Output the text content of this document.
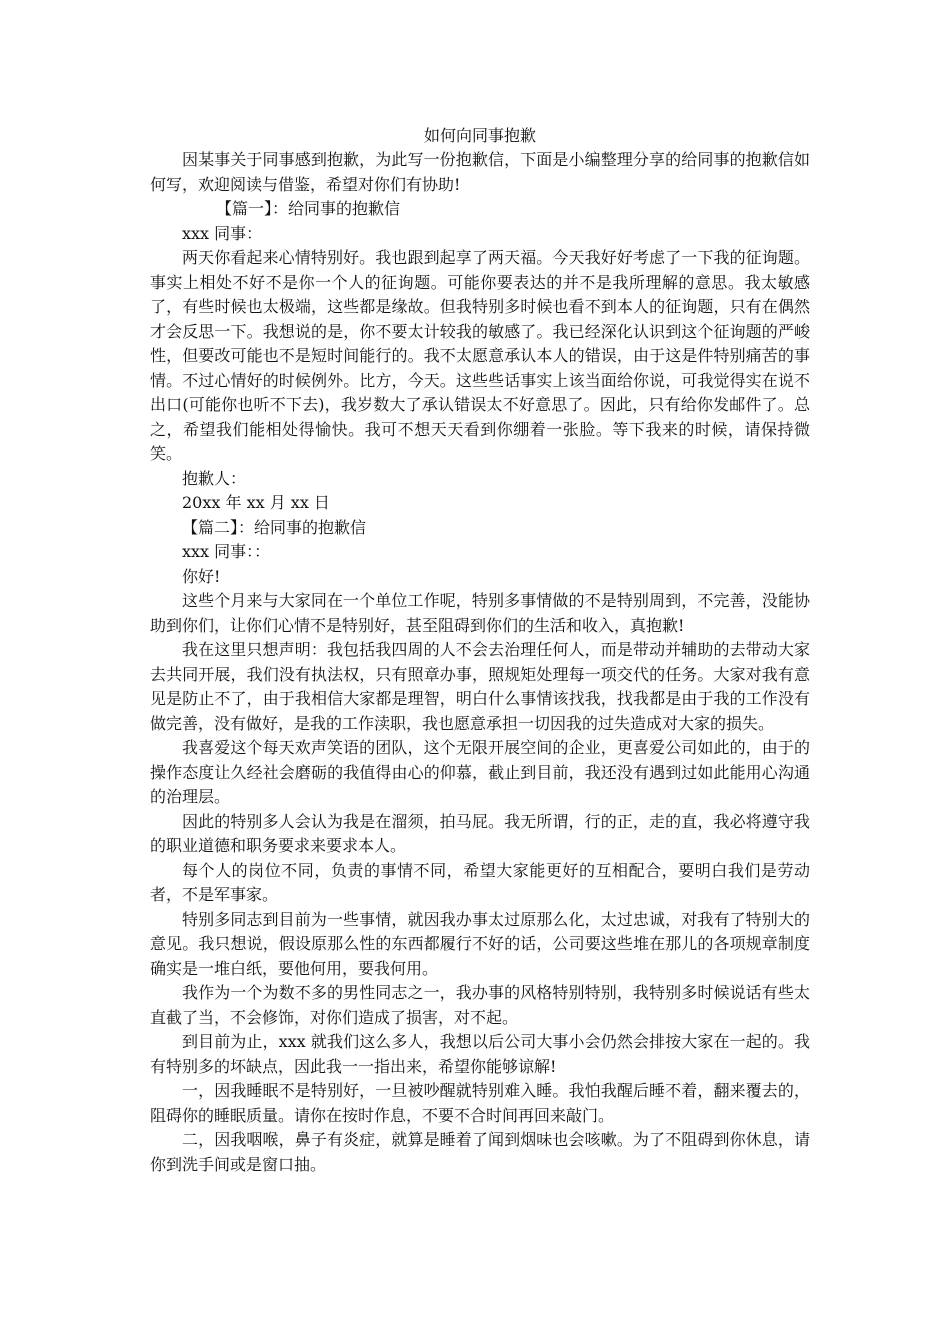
如何向同事抱歉

因某事关于同事感到抱歉，为此写一份抱歉信，下面是小编整理分享的给同事的抱歉信如何写，欢迎阅读与借鉴，希望对你们有协助!

【篇一】：给同事的抱歉信

xxx 同事：

两天你看起来心情特别好。我也跟到起享了两天福。今天我好好考虑了一下我的征询题。事实上相处不好不是你一个人的征询题。可能你要表达的并不是我所理解的意思。我太敏感了，有些时候也太极端，这些都是缘故。但我特别多时候也看不到本人的征询题，只有在偶然才会反思一下。我想说的是，你不要太计较我的敏感了。我已经深化认识到这个征询题的严峻性，但要改可能也不是短时间能行的。我不太愿意承认本人的错误，由于这是件特别痛苦的事情。不过心情好的时候例外。比方，今天。这些些话事实上该当面给你说，可我觉得实在说不出口(可能你也听不下去)，我岁数大了承认错误太不好意思了。因此，只有给你发邮件了。总之，希望我们能相处得愉快。我可不想天天看到你绷着一张脸。等下我来的时候，请保持微笑。

抱歉人：

20xx 年 xx 月 xx 日

【篇二】：给同事的抱歉信

xxx 同事：：

你好!

这些个月来与大家同在一个单位工作呢，特别多事情做的不是特别周到，不完善，没能协助到你们，让你们心情不是特别好，甚至阻碍到你们的生活和收入，真抱歉!

我在这里只想声明：我包括我四周的人不会去治理任何人，而是带动并辅助的去带动大家去共同开展，我们没有执法权，只有照章办事，照规矩处理每一项交代的任务。大家对我有意见是防止不了，由于我相信大家都是理智，明白什么事情该找我，找我都是由于我的工作没有做完善，没有做好，是我的工作渎职，我也愿意承担一切因我的过失造成对大家的损失。

我喜爱这个每天欢声笑语的团队，这个无限开展空间的企业，更喜爱公司如此的，由于的操作态度让久经社会磨砺的我值得由心的仰慕，截止到目前，我还没有遇到过如此能用心沟通的治理层。

因此的特别多人会认为我是在溜须，拍马屁。我无所谓，行的正，走的直，我必将遵守我的职业道德和职务要求来要求本人。

每个人的岗位不同，负责的事情不同，希望大家能更好的互相配合，要明白我们是劳动者，不是军事家。

特别多同志到目前为一些事情，就因我办事太过原那么化，太过忠诚，对我有了特别大的意见。我只想说，假设原那么性的东西都履行不好的话，公司要这些堆在那儿的各项规章制度确实是一堆白纸，要他何用，要我何用。

我作为一个为数不多的男性同志之一，我办事的风格特别特别，我特别多时候说话有些太直截了当，不会修饰，对你们造成了损害，对不起。

到目前为止，xxx 就我们这么多人，我想以后公司大事小会仍然会排按大家在一起的。我有特别多的坏缺点，因此我一一指出来，希望你能够谅解!

一，因我睡眠不是特别好，一旦被吵醒就特别难入睡。我怕我醒后睡不着，翻来覆去的，阻碍你的睡眠质量。请你在按时作息，不要不合时间再回来敲门。

二，因我咽喉，鼻子有炎症，就算是睡着了闻到烟味也会咳嗽。为了不阻碍到你休息，请你到洗手间或是窗口抽。
